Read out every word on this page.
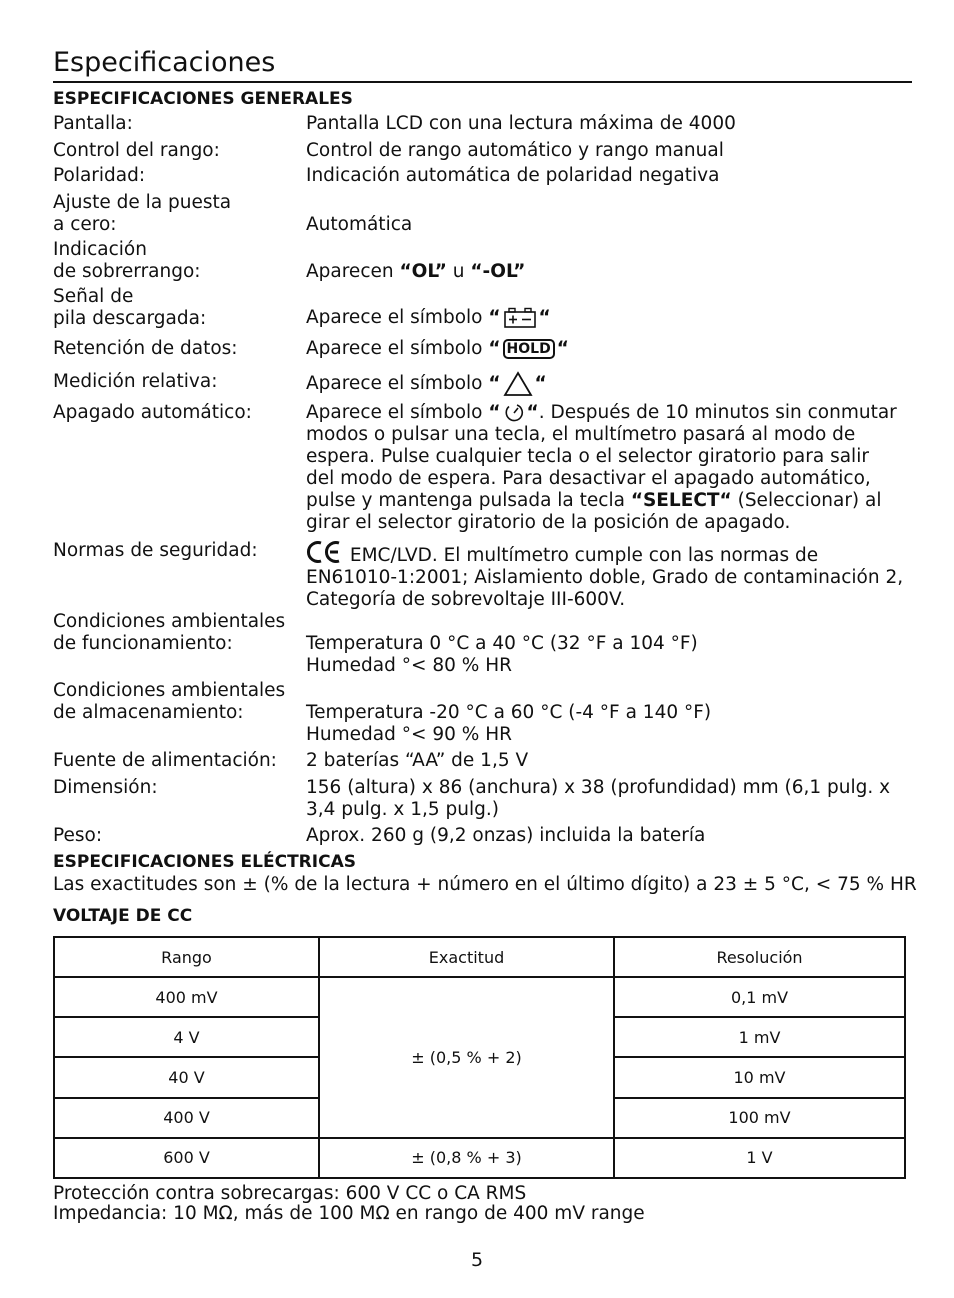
Especificaciones
ESPECIFICACIONES GENERALES
Pantalla:	Pantalla LCD con una lectura máxima de 4000
Control del rango:	Control de rango automático y rango manual
Polaridad:	Indicación automática de polaridad negativa
Ajuste de la puesta
a cero:	Automática
Indicación
de sobrerrango:	Aparecen “OL” u “-OL”
Señal de
pila descargada:	Aparece el símbolo “ “
Retención de datos:	Aparece el símbolo “ HOLD “
Medición relativa:	Aparece el símbolo “ “
Apagado automático:	Aparece el símbolo “ “. Después de 10 minutos sin conmutar
modos o pulsar una tecla, el multímetro pasará al modo de
espera. Pulse cualquier tecla o el selector giratorio para salir
del modo de espera. Para desactivar el apagado automático,
pulse y mantenga pulsada la tecla “SELECT“ (Seleccionar) al
girar el selector giratorio de la posición de apagado.
Normas de seguridad:	EMC/LVD. El multímetro cumple con las normas de
EN61010-1:2001; Aislamiento doble, Grado de contaminación 2,
Categoría de sobrevoltaje III-600V.
Condiciones ambientales
de funcionamiento:	Temperatura 0 °C a 40 °C (32 °F a 104 °F)
Humedad °< 80 % HR
Condiciones ambientales
de almacenamiento:	Temperatura -20 °C a 60 °C (-4 °F a 140 °F)
Humedad °< 90 % HR
Fuente de alimentación: 2 baterías “AA” de 1,5 V
Dimensión:	156 (altura) x 86 (anchura) x 38 (profundidad) mm (6,1 pulg. x
3,4 pulg. x 1,5 pulg.)
Peso:	Aprox. 260 g (9,2 onzas) incluida la batería
ESPECIFICACIONES ELÉCTRICAS
Las exactitudes son ± (% de la lectura + número en el último dígito) a 23 ± 5 °C, < 75 % HR
VOLTAJE DE CC
Rango	Exactitud	Resolución
400 mV	± (0,5 % + 2)	0,1 mV
4 V		1 mV
40 V		10 mV
400 V		100 mV
600 V	± (0,8 % + 3)	1 V
Protección contra sobrecargas: 600 V CC o CA RMS
Impedancia: 10 MΩ, más de 100 MΩ en rango de 400 mV range
5
